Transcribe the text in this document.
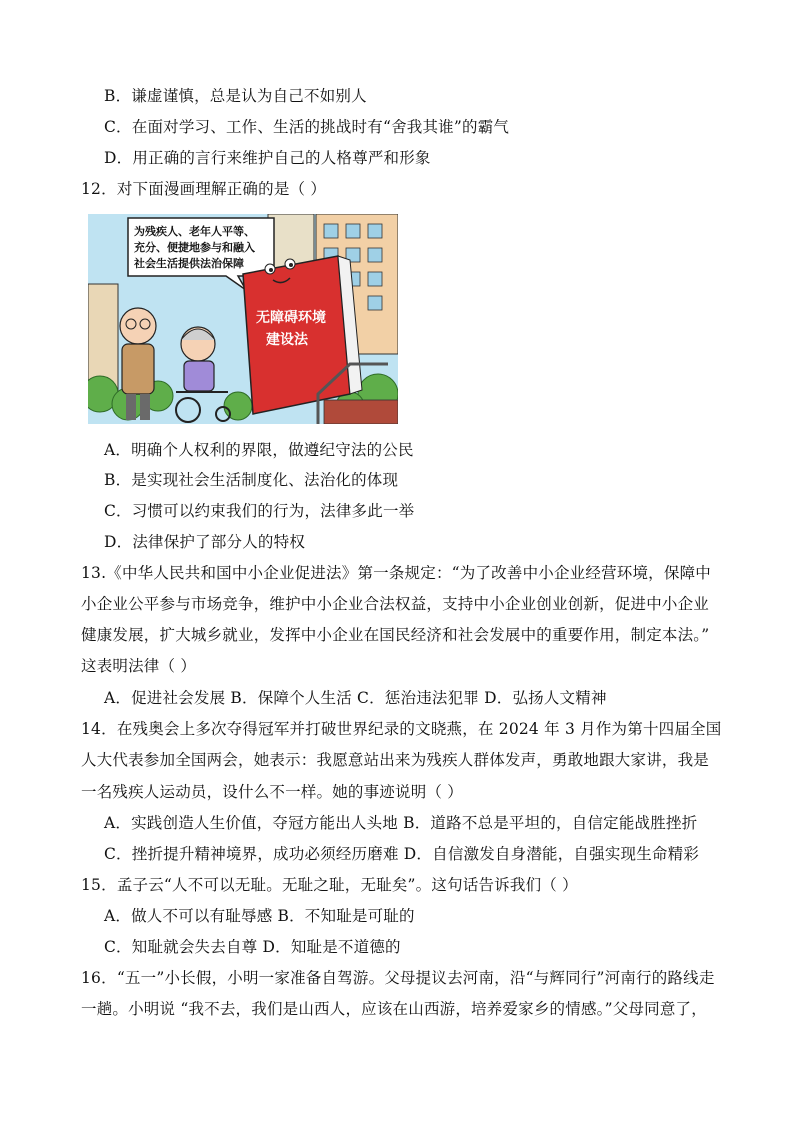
B．谦虚谨慎，总是认为自己不如别人
C．在面对学习、工作、生活的挑战时有“舍我其谁”的霸气
D．用正确的言行来维护自己的人格尊严和形象
12．对下面漫画理解正确的是（ ）
为残疾人、老年人平等、
充分、便捷地参与和融入
社会生活提供法治保障
无障碍环境
建设法
A．明确个人权利的界限，做遵纪守法的公民
B．是实现社会生活制度化、法治化的体现
C．习惯可以约束我们的行为，法律多此一举
D．法律保护了部分人的特权
13.《中华人民共和国中小企业促进法》第一条规定：“为了改善中小企业经营环境，保障中
小企业公平参与市场竞争，维护中小企业合法权益，支持中小企业创业创新，促进中小企业
健康发展，扩大城乡就业，发挥中小企业在国民经济和社会发展中的重要作用，制定本法。”
这表明法律（ ）
A．促进社会发展 B．保障个人生活 C．惩治违法犯罪 D．弘扬人文精神
14．在残奥会上多次夺得冠军并打破世界纪录的文晓燕，在 2024 年 3 月作为第十四届全国
人大代表参加全国两会，她表示：我愿意站出来为残疾人群体发声，勇敢地跟大家讲，我是
一名残疾人运动员，设什么不一样。她的事迹说明（ ）
A．实践创造人生价值，夺冠方能出人头地 B．道路不总是平坦的，自信定能战胜挫折
C．挫折提升精神境界，成功必须经历磨难 D．自信激发自身潜能，自强实现生命精彩
15．孟子云“人不可以无耻。无耻之耻，无耻矣”。这句话告诉我们（ ）
A．做人不可以有耻辱感 B．不知耻是可耻的
C．知耻就会失去自尊 D．知耻是不道德的
16．“五一”小长假，小明一家准备自驾游。父母提议去河南，沿“与辉同行”河南行的路线走
一趟。小明说 “我不去，我们是山西人，应该在山西游，培养爱家乡的情感。”父母同意了，
